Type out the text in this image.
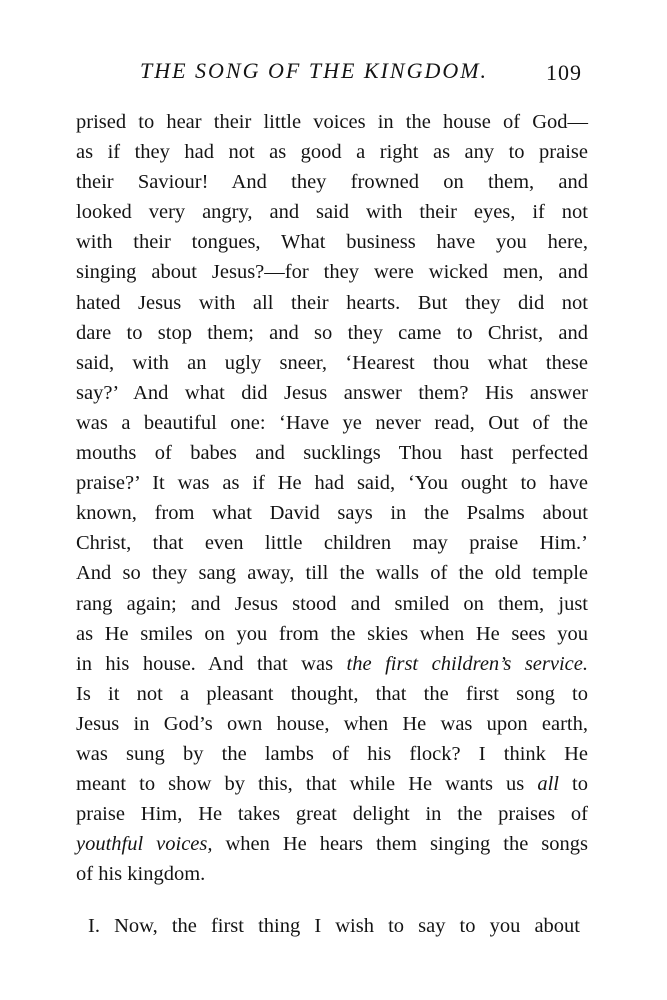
THE SONG OF THE KINGDOM.	109
prised to hear their little voices in the house of God—
as if they had not as good a right as any to praise
their Saviour! And they frowned on them, and
looked very angry, and said with their eyes, if not
with their tongues, What business have you here,
singing about Jesus?—for they were wicked men, and
hated Jesus with all their hearts. But they did not
dare to stop them; and so they came to Christ, and
said, with an ugly sneer, ‘Hearest thou what these
say?’ And what did Jesus answer them? His answer
was a beautiful one: ‘Have ye never read, Out of the
mouths of babes and sucklings Thou hast perfected
praise?’ It was as if He had said, ‘You ought to have
known, from what David says in the Psalms about
Christ, that even little children may praise Him.’
And so they sang away, till the walls of the old temple
rang again; and Jesus stood and smiled on them, just
as He smiles on you from the skies when He sees you
in his house. And that was the first children’s service.
Is it not a pleasant thought, that the first song to
Jesus in God’s own house, when He was upon earth,
was sung by the lambs of his flock? I think He
meant to show by this, that while He wants us all to
praise Him, He takes great delight in the praises of
youthful voices, when He hears them singing the songs
of his kingdom.
I. Now, the first thing I wish to say to you about
